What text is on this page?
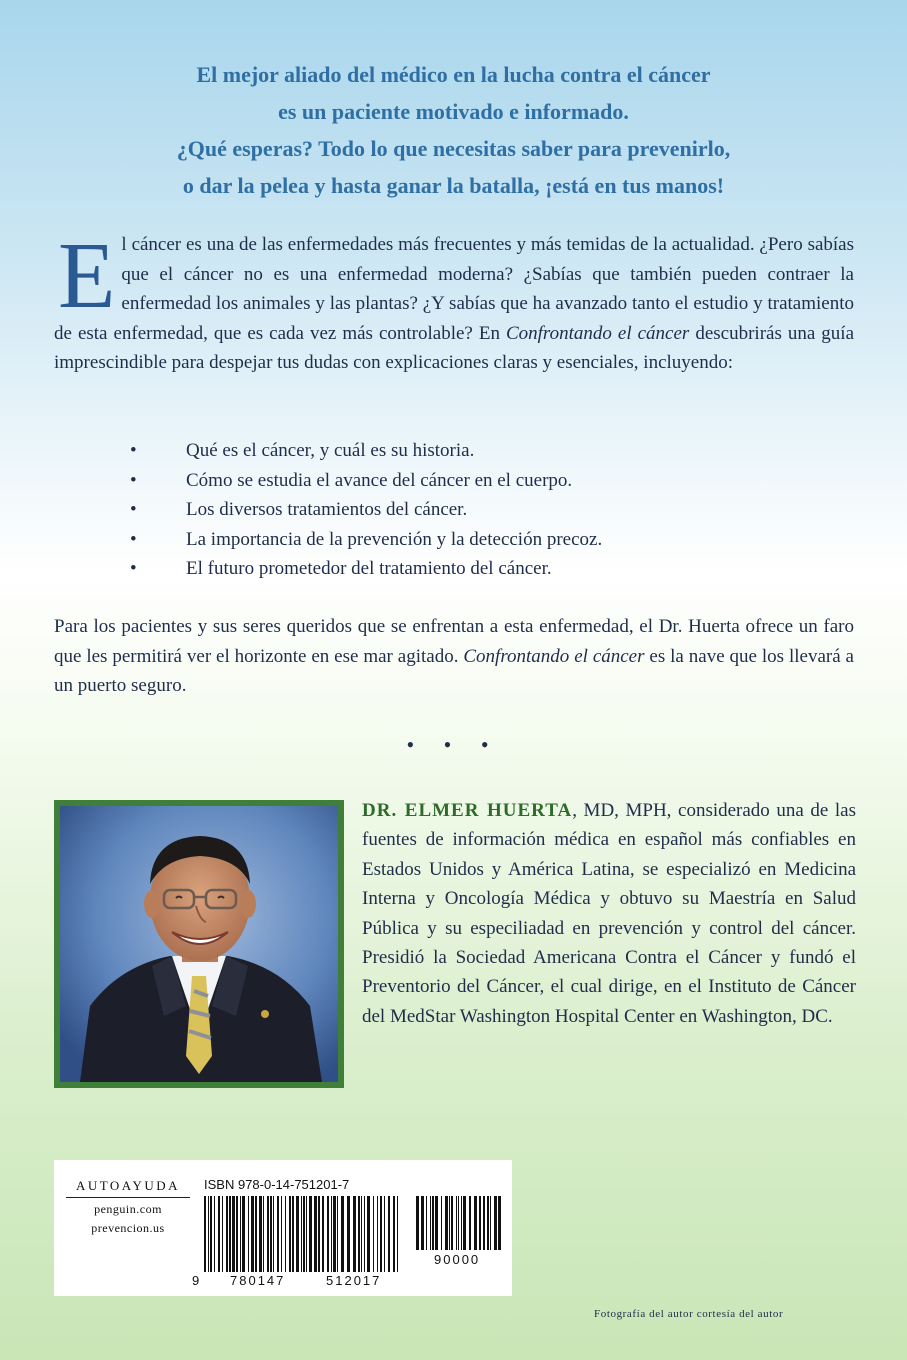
El mejor aliado del médico en la lucha contra el cáncer
es un paciente motivado e informado.
¿Qué esperas? Todo lo que necesitas saber para prevenirlo,
o dar la pelea y hasta ganar la batalla, ¡está en tus manos!
El cáncer es una de las enfermedades más frecuentes y más temidas de la actualidad. ¿Pero sabías que el cáncer no es una enfermedad moderna? ¿Sabías que también pueden contraer la enfermedad los animales y las plantas? ¿Y sabías que ha avanzado tanto el estudio y tratamiento de esta enfermedad, que es cada vez más controlable? En Confrontando el cáncer descubrirás una guía imprescindible para despejar tus dudas con explicaciones claras y esenciales, incluyendo:
•	Qué es el cáncer, y cuál es su historia.
•	Cómo se estudia el avance del cáncer en el cuerpo.
•	Los diversos tratamientos del cáncer.
•	La importancia de la prevención y la detección precoz.
•	El futuro prometedor del tratamiento del cáncer.
Para los pacientes y sus seres queridos que se enfrentan a esta enfermedad, el Dr. Huerta ofrece un faro que les permitirá ver el horizonte en ese mar agitado. Confrontando el cáncer es la nave que los llevará a un puerto seguro.
• • •
DR. ELMER HUERTA, MD, MPH, considerado una de las fuentes de información médica en español más confiables en Estados Unidos y América Latina, se especializó en Medicina Interna y Oncología Médica y obtuvo su Maestría en Salud Pública y su especiliadad en prevención y control del cáncer. Presidió la Sociedad Americana Contra el Cáncer y fundó el Preventorio del Cáncer, el cual dirige, en el Instituto de Cáncer del MedStar Washington Hospital Center en Washington, DC.
AUTOAYUDA
penguin.com
prevencion.us
ISBN 978-0-14-751201-7
9 780147	512017
90000
Fotografía del autor cortesía del autor
